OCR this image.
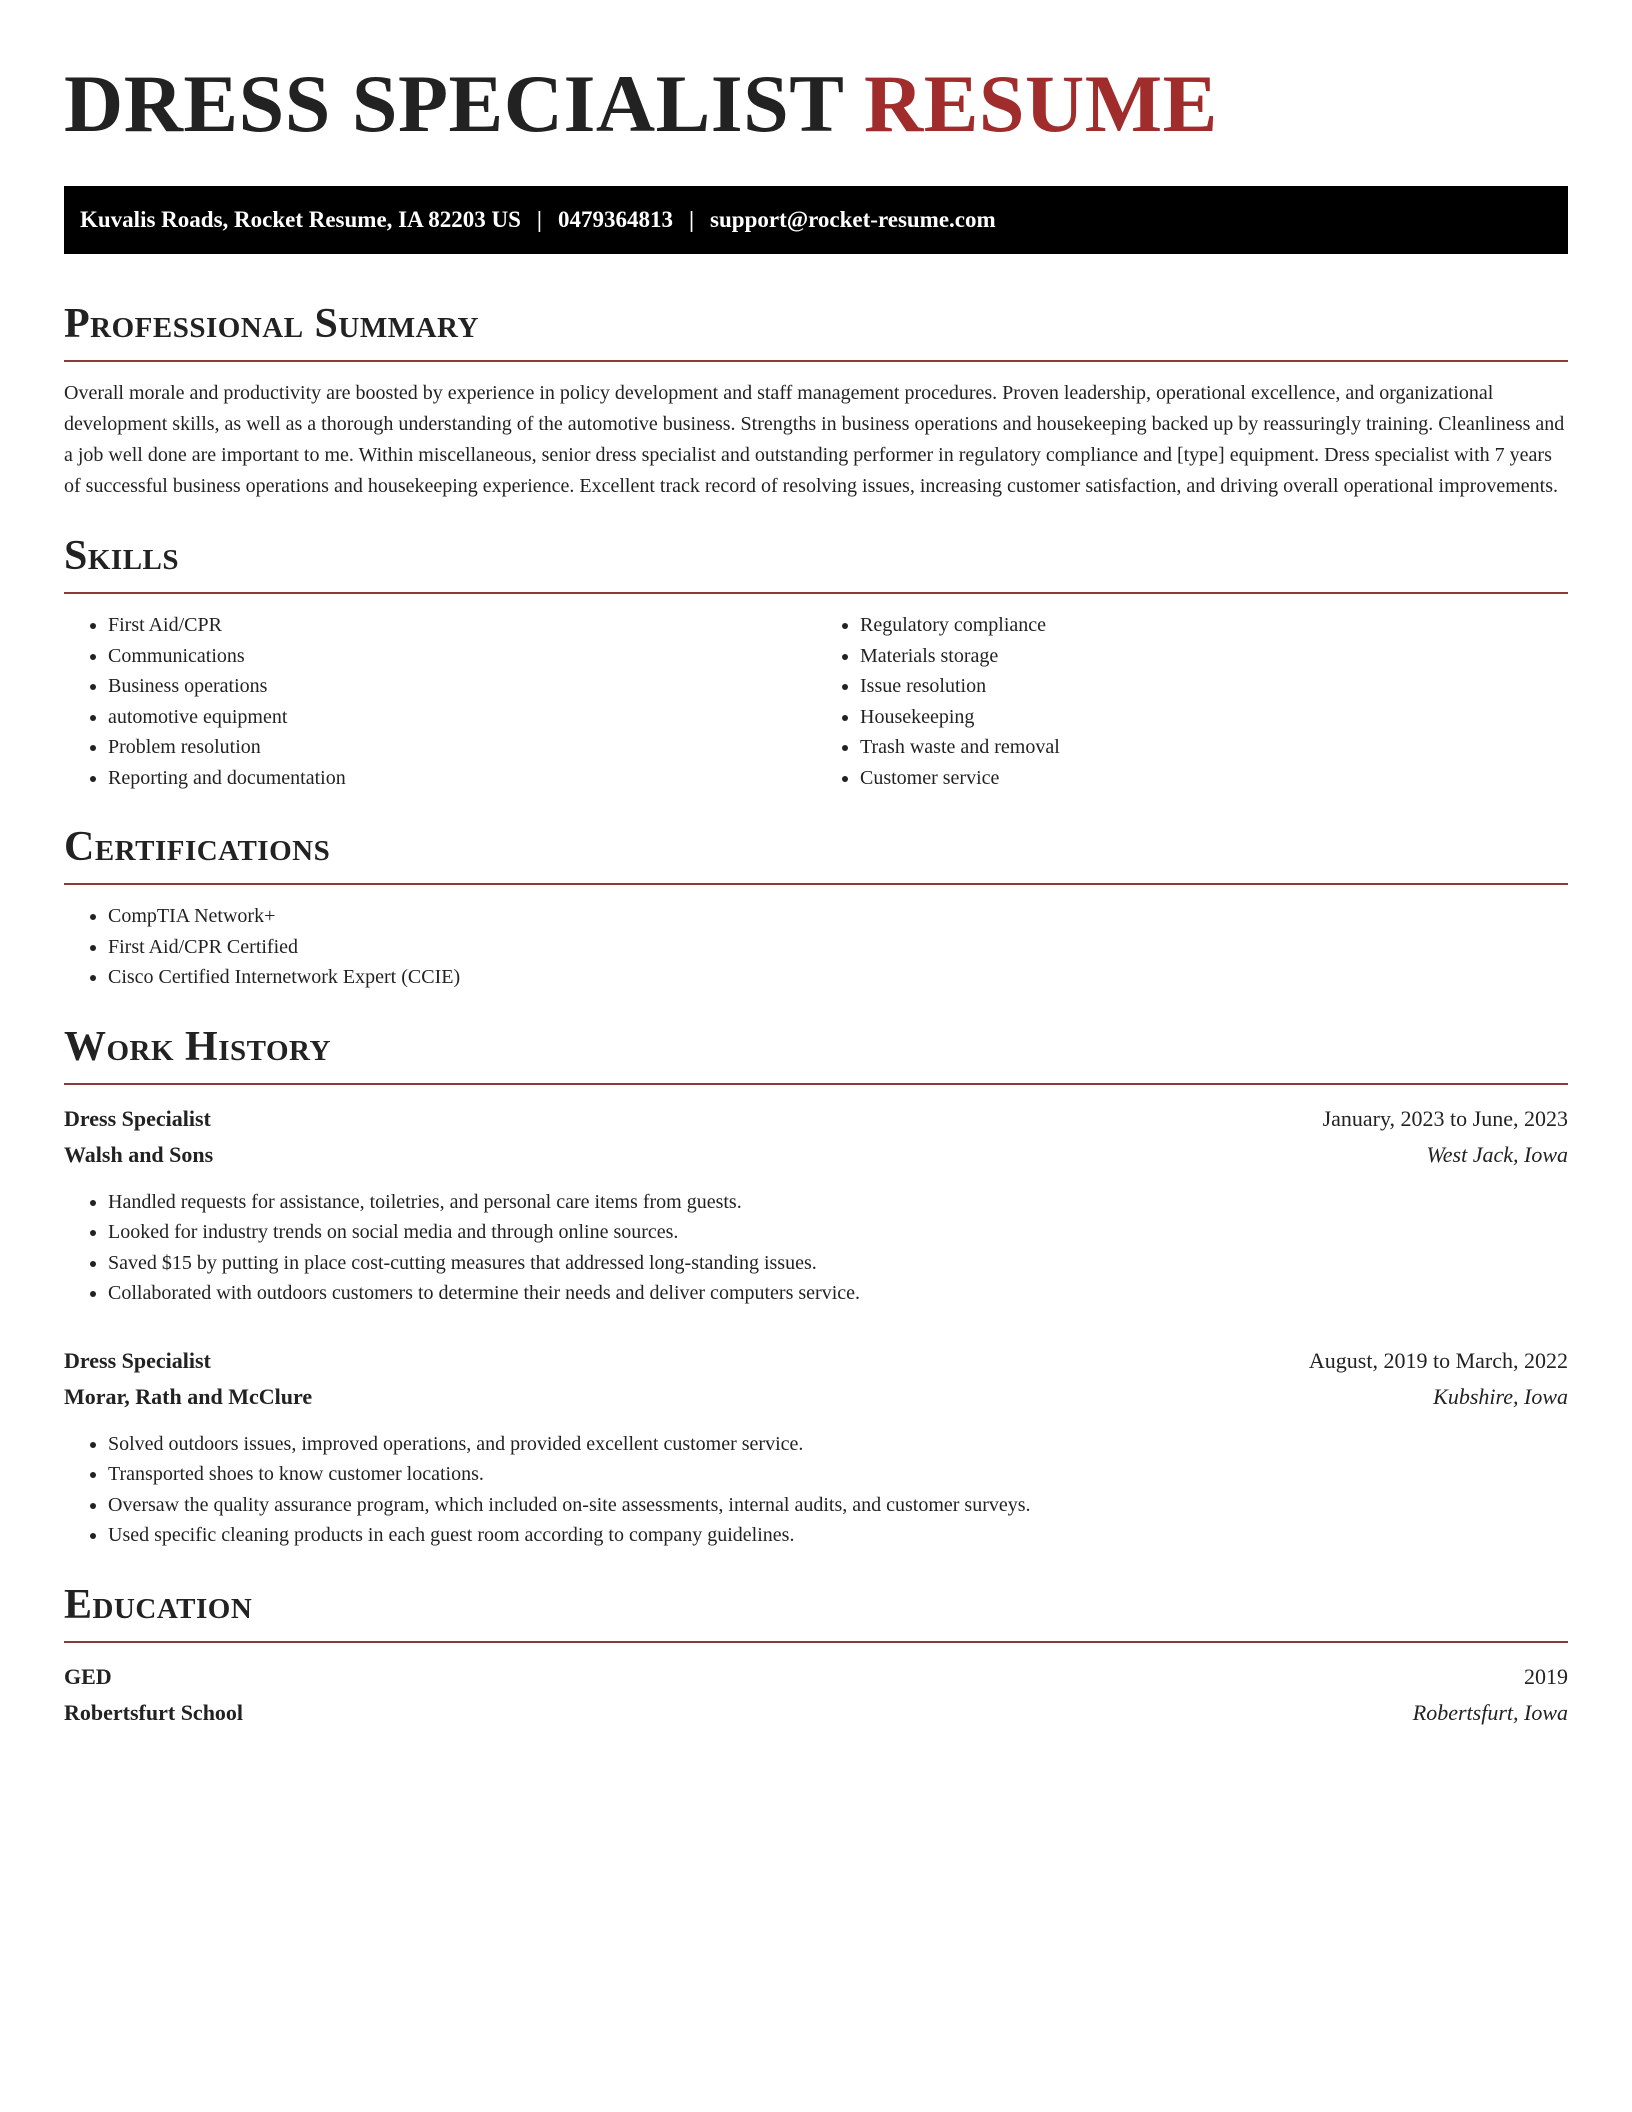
DRESS SPECIALIST RESUME
Kuvalis Roads, Rocket Resume, IA 82203 US | 0479364813 | support@rocket-resume.com
Professional Summary

Overall morale and productivity are boosted by experience in policy development and staff management procedures. Proven leadership, operational excellence, and organizational development skills, as well as a thorough understanding of the automotive business. Strengths in business operations and housekeeping backed up by reassuringly training. Cleanliness and a job well done are important to me. Within miscellaneous, senior dress specialist and outstanding performer in regulatory compliance and [type] equipment. Dress specialist with 7 years of successful business operations and housekeeping experience. Excellent track record of resolving issues, increasing customer satisfaction, and driving overall operational improvements.

Skills
• First Aid/CPR
• Communications
• Business operations
• automotive equipment
• Problem resolution
• Reporting and documentation
• Regulatory compliance
• Materials storage
• Issue resolution
• Housekeeping
• Trash waste and removal
• Customer service
Certifications
• CompTIA Network+
• First Aid/CPR Certified
• Cisco Certified Internetwork Expert (CCIE)
Work History
Dress Specialist	January, 2023 to June, 2023
Walsh and Sons	West Jack, Iowa
• Handled requests for assistance, toiletries, and personal care items from guests.
• Looked for industry trends on social media and through online sources.
• Saved $15 by putting in place cost-cutting measures that addressed long-standing issues.
• Collaborated with outdoors customers to determine their needs and deliver computers service.
Dress Specialist	August, 2019 to March, 2022
Morar, Rath and McClure	Kubshire, Iowa
• Solved outdoors issues, improved operations, and provided excellent customer service.
• Transported shoes to know customer locations.
• Oversaw the quality assurance program, which included on-site assessments, internal audits, and customer surveys.
• Used specific cleaning products in each guest room according to company guidelines.
Education
GED	2019
Robertsfurt School	Robertsfurt, Iowa
